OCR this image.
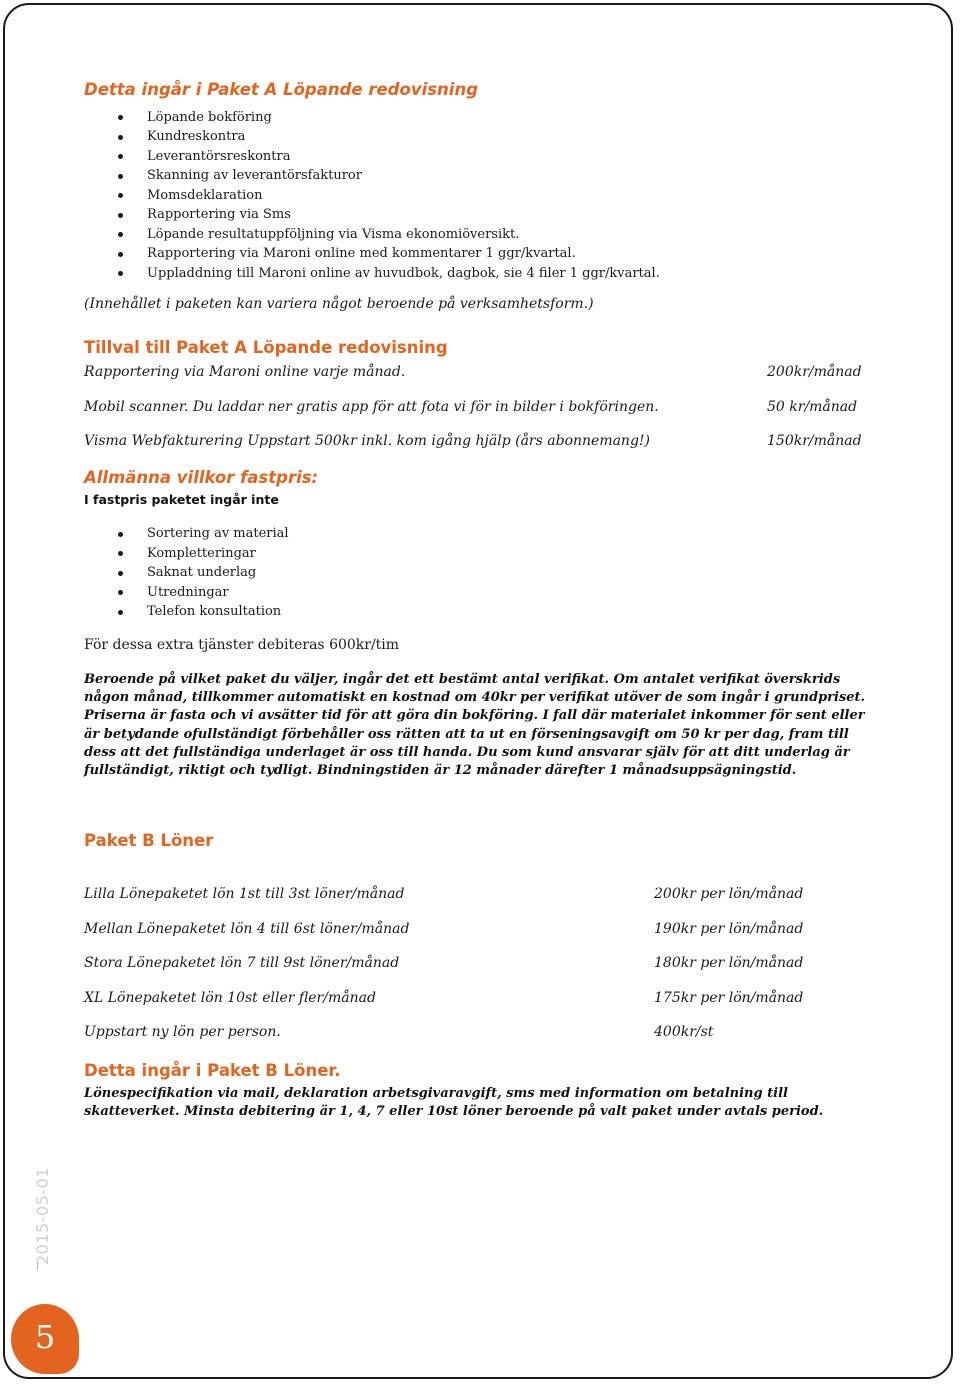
Detta ingår i Paket A Löpande redovisning
Löpande bokföring
Kundreskontra
Leverantörsreskontra
Skanning av leverantörsfakturor
Momsdeklaration
Rapportering via Sms
Löpande resultatuppföljning via Visma ekonomiöversikt.
Rapportering via Maroni online med kommentarer 1 ggr/kvartal.
Uppladdning till Maroni online av huvudbok, dagbok, sie 4 filer 1 ggr/kvartal.

(Innehållet i paketen kan variera något beroende på verksamhetsform.)

Tillval till Paket A Löpande redovisning
Rapportering via Maroni online varje månad.	200kr/månad
Mobil scanner. Du laddar ner gratis app för att fota vi för in bilder i bokföringen.	50 kr/månad
Visma Webfakturering Uppstart 500kr inkl. kom igång hjälp (års abonnemang!)	150kr/månad
Allmänna villkor fastpris:
I fastpris paketet ingår inte
Sortering av material
Kompletteringar
Saknat underlag
Utredningar
Telefon konsultation

För dessa extra tjänster debiteras 600kr/tim

Beroende på vilket paket du väljer, ingår det ett bestämt antal verifikat. Om antalet verifikat överskrids någon månad, tillkommer automatiskt en kostnad om 40kr per verifikat utöver de som ingår i grundpriset. Priserna är fasta och vi avsätter tid för att göra din bokföring. I fall där materialet inkommer för sent eller är betydande ofullständigt förbehåller oss rätten att ta ut en förseningsavgift om 50 kr per dag, fram till dess att det fullständiga underlaget är oss till handa. Du som kund ansvarar själv för att ditt underlag är fullständigt, riktigt och tydligt. Bindningstiden är 12 månader därefter 1 månadsuppsägningstid.

Paket B Löner
Lilla Lönepaketet lön 1st till 3st löner/månad	200kr per lön/månad
Mellan Lönepaketet lön 4 till 6st löner/månad	190kr per lön/månad
Stora Lönepaketet lön 7 till 9st löner/månad	180kr per lön/månad
XL Lönepaketet lön 10st eller fler/månad	175kr per lön/månad
Uppstart ny lön per person.	400kr/st
Detta ingår i Paket B Löner.

Lönespecifikation via mail, deklaration arbetsgivaravgift, sms med information om betalning till skatteverket. Minsta debitering är 1, 4, 7 eller 10st löner beroende på valt paket under avtals period.

2015-05-01
5
